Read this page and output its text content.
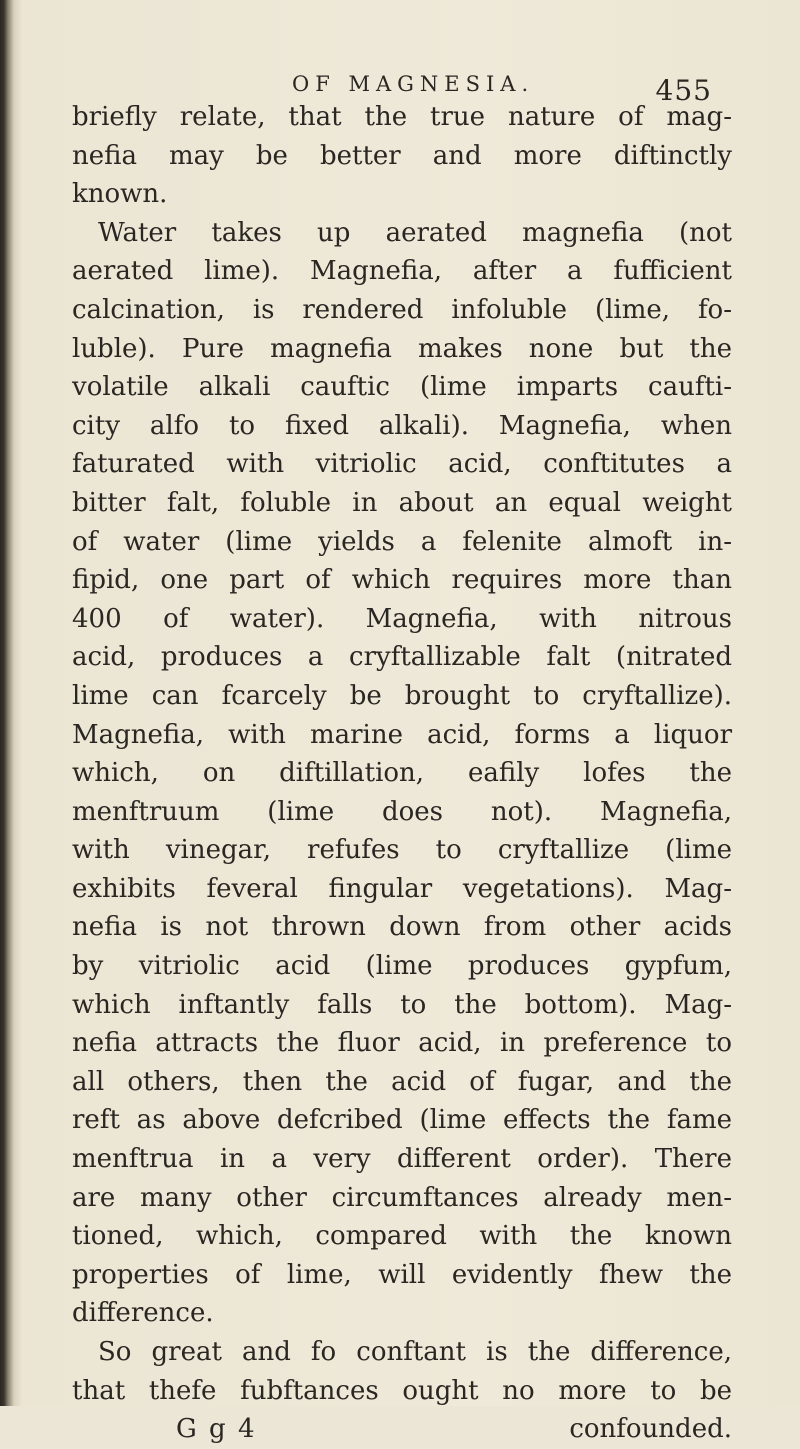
OF MAGNESIA.	455
briefly relate, that the true nature of mag-
nefia may be better and more diftinctly
known.
Water takes up aerated magnefia (not
aerated lime). Magnefia, after a fufficient
calcination, is rendered infoluble (lime, fo-
luble). Pure magnefia makes none but the
volatile alkali cauftic (lime imparts caufti-
city alfo to fixed alkali). Magnefia, when
faturated with vitriolic acid, conftitutes a
bitter falt, foluble in about an equal weight
of water (lime yields a felenite almoft in-
fipid, one part of which requires more than
400 of water). Magnefia, with nitrous
acid, produces a cryftallizable falt (nitrated
lime can fcarcely be brought to cryftallize).
Magnefia, with marine acid, forms a liquor
which, on diftillation, eafily lofes the
menftruum (lime does not). Magnefia,
with vinegar, refufes to cryftallize (lime
exhibits feveral fingular vegetations). Mag-
nefia is not thrown down from other acids
by vitriolic acid (lime produces gypfum,
which inftantly falls to the bottom). Mag-
nefia attracts the fluor acid, in preference to
all others, then the acid of fugar, and the
reft as above defcribed (lime effects the fame
menftrua in a very different order). There
are many other circumftances already men-
tioned, which, compared with the known
properties of lime, will evidently fhew the
difference.
So great and fo conftant is the difference,
that thefe fubftances ought no more to be
G g 4	confounded.
